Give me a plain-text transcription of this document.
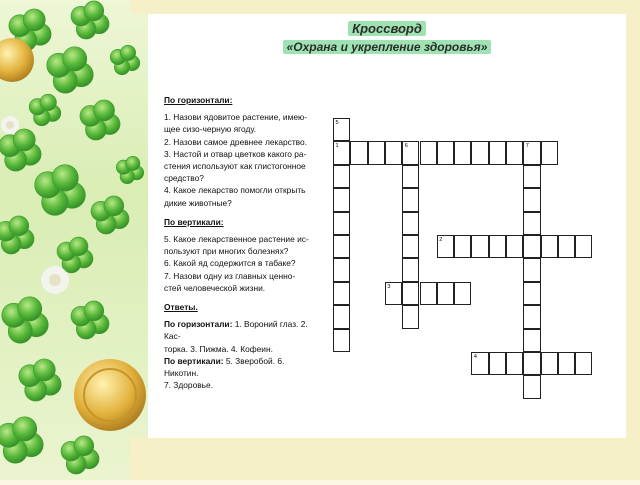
Кроссворд
«Охрана и укрепление здоровья»

По горизонтали:

1. Назови ядовитое растение, имею-

щее сизо-черную ягоду.

2. Назови самое древнее лекарство.

3. Настой и отвар цветков какого ра-

стения используют как глистогонное

средство?

4. Какое лекарство помогли открыть

дикие животные?

По вертикали:

5. Какое лекарственное растение ис-

пользуют при многих болезнях?

6. Какой яд содержится в табаке?

7. Назови одну из главных ценно-

стей человеческой жизни.

Ответы.

По горизонтали: 1. Вороний глаз. 2. Кас-

торка. 3. Пижма. 4. Кофеин.

По вертикали: 5. Зверобой. 6. Никотин.

7. Здоровье.

1	6	7
5
2
3
4
